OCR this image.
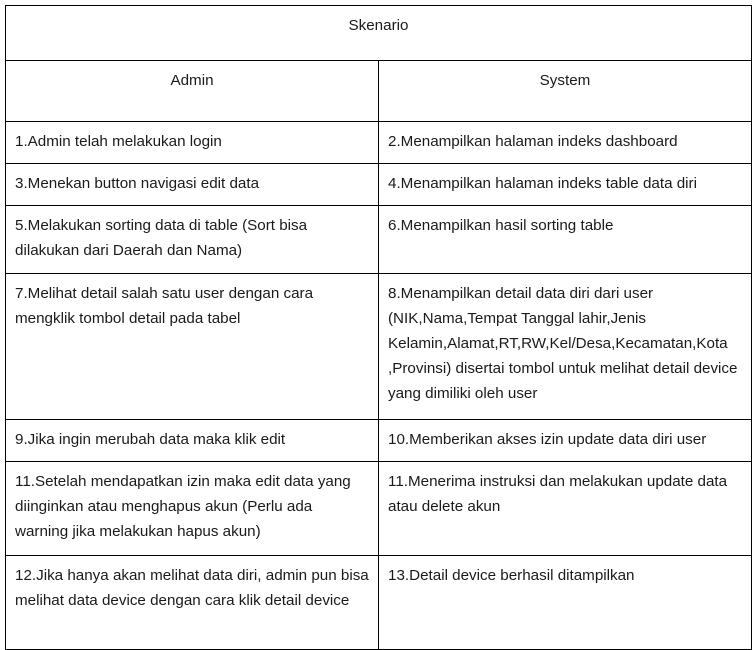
Skenario	
Admin	System
1.Admin telah melakukan login	2.Menampilkan halaman indeks dashboard
3.Menekan button navigasi edit data	4.Menampilkan halaman indeks table data diri
5.Melakukan sorting data di table (Sort bisa dilakukan dari Daerah dan Nama)	6.Menampilkan hasil sorting table
7.Melihat detail salah satu user dengan cara mengklik tombol detail pada tabel	8.Menampilkan detail data diri dari user (NIK,Nama,Tempat Tanggal lahir,Jenis Kelamin,Alamat,RT,RW,Kel/Desa,Kecamatan,Kota ,Provinsi) disertai tombol untuk melihat detail device yang dimiliki oleh user
9.Jika ingin merubah data maka klik edit	10.Memberikan akses izin update data diri user
11.Setelah mendapatkan izin maka edit data yang diinginkan atau menghapus akun (Perlu ada warning jika melakukan hapus akun)	11.Menerima instruksi dan melakukan update data atau delete akun
12.Jika hanya akan melihat data diri, admin pun bisa melihat data device dengan cara klik detail device	13.Detail device berhasil ditampilkan
